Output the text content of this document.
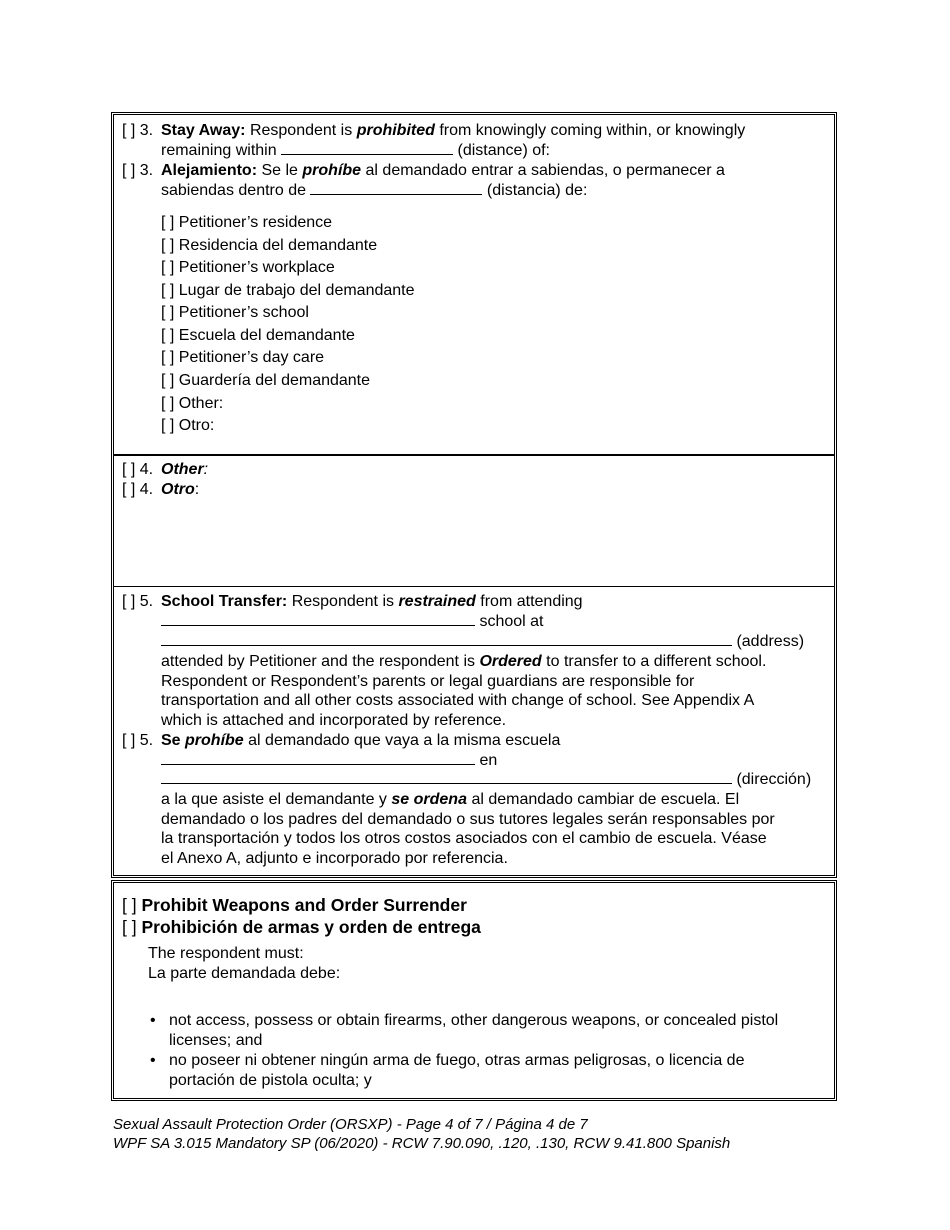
[ ] 3. Stay Away: Respondent is prohibited from knowingly coming within, or knowingly
remaining within	(distance) of:
[ ] 3. Alejamiento: Se le prohíbe al demandado entrar a sabiendas, o permanecer a
sabiendas dentro de	(distancia) de:
[ ] Petitioner’s residence
[ ] Residencia del demandante
[ ] Petitioner’s workplace
[ ] Lugar de trabajo del demandante
[ ] Petitioner’s school
[ ] Escuela del demandante
[ ] Petitioner’s day care
[ ] Guardería del demandante
[ ] Other:
[ ] Otro:
[ ] 4. Other:
[ ] 4. Otro:
[ ] 5. School Transfer: Respondent is restrained from attending
school at
(address)
attended by Petitioner and the respondent is Ordered to transfer to a different school.
Respondent or Respondent’s parents or legal guardians are responsible for
transportation and all other costs associated with change of school. See Appendix A
which is attached and incorporated by reference.
[ ] 5. Se prohíbe al demandado que vaya a la misma escuela
en
(dirección)
a la que asiste el demandante y se ordena al demandado cambiar de escuela. El
demandado o los padres del demandado o sus tutores legales serán responsables por
la transportación y todos los otros costos asociados con el cambio de escuela. Véase
el Anexo A, adjunto e incorporado por referencia.
[ ] Prohibit Weapons and Order Surrender
[ ] Prohibición de armas y orden de entrega
The respondent must:
La parte demandada debe:
• not access, possess or obtain firearms, other dangerous weapons, or concealed pistol
licenses; and
• no poseer ni obtener ningún arma de fuego, otras armas peligrosas, o licencia de
portación de pistola oculta; y
Sexual Assault Protection Order (ORSXP) - Page 4 of 7 / Página 4 de 7
WPF SA 3.015 Mandatory SP (06/2020) - RCW 7.90.090, .120, .130, RCW 9.41.800 Spanish
